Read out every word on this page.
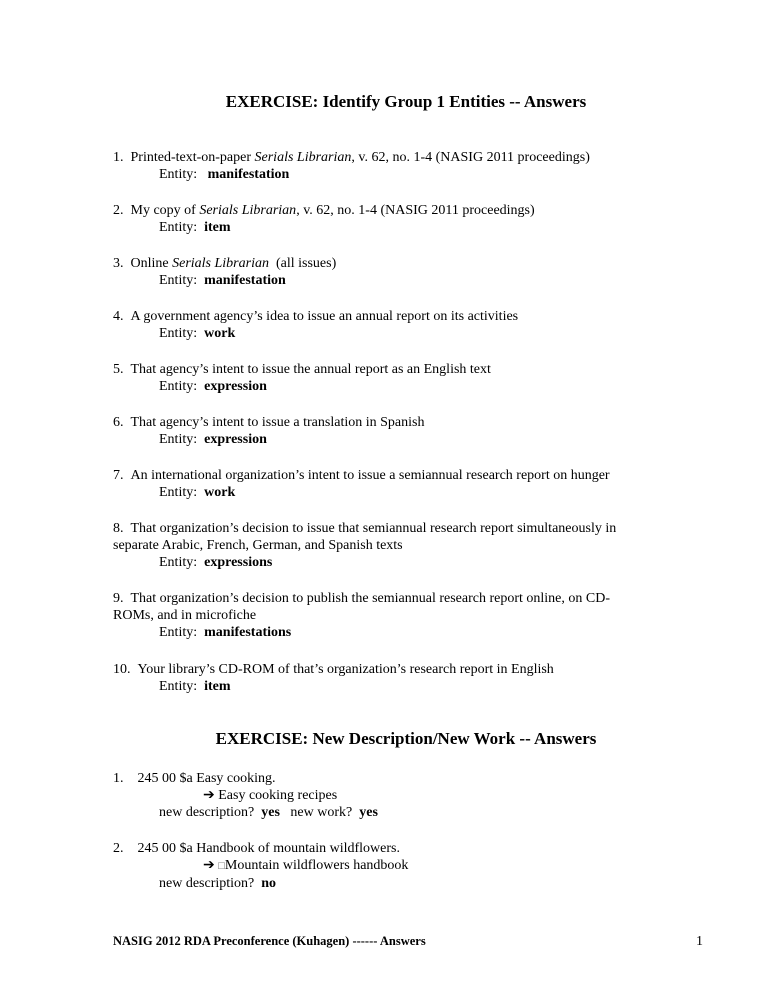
EXERCISE: Identify Group 1 Entities -- Answers

1. Printed-text-on-paper Serials Librarian, v. 62, no. 1-4 (NASIG 2011 proceedings)

Entity: manifestation

2. My copy of Serials Librarian, v. 62, no. 1-4 (NASIG 2011 proceedings)

Entity: item

3. Online Serials Librarian  (all issues)

Entity: manifestation

4. A government agency’s idea to issue an annual report on its activities

Entity: work

5. That agency’s intent to issue the annual report as an English text

Entity: expression

6. That agency’s intent to issue a translation in Spanish

Entity: expression

7. An international organization’s intent to issue a semiannual research report on hunger

Entity: work

8. That organization’s decision to issue that semiannual research report simultaneously in

separate Arabic, French, German, and Spanish texts

Entity: expressions

9. That organization’s decision to publish the semiannual research report online, on CD-

ROMs, and in microfiche

Entity: manifestations

10. Your library’s CD-ROM of that’s organization’s research report in English

Entity: item

EXERCISE: New Description/New Work -- Answers

1. 245 00 $a Easy cooking.

➔ Easy cooking recipes

new description? yes new work? yes

2. 245 00 $a Handbook of mountain wildflowers.

➔ □Mountain wildflowers handbook

new description? no

NASIG 2012 RDA Preconference (Kuhagen) ------ Answers	1
